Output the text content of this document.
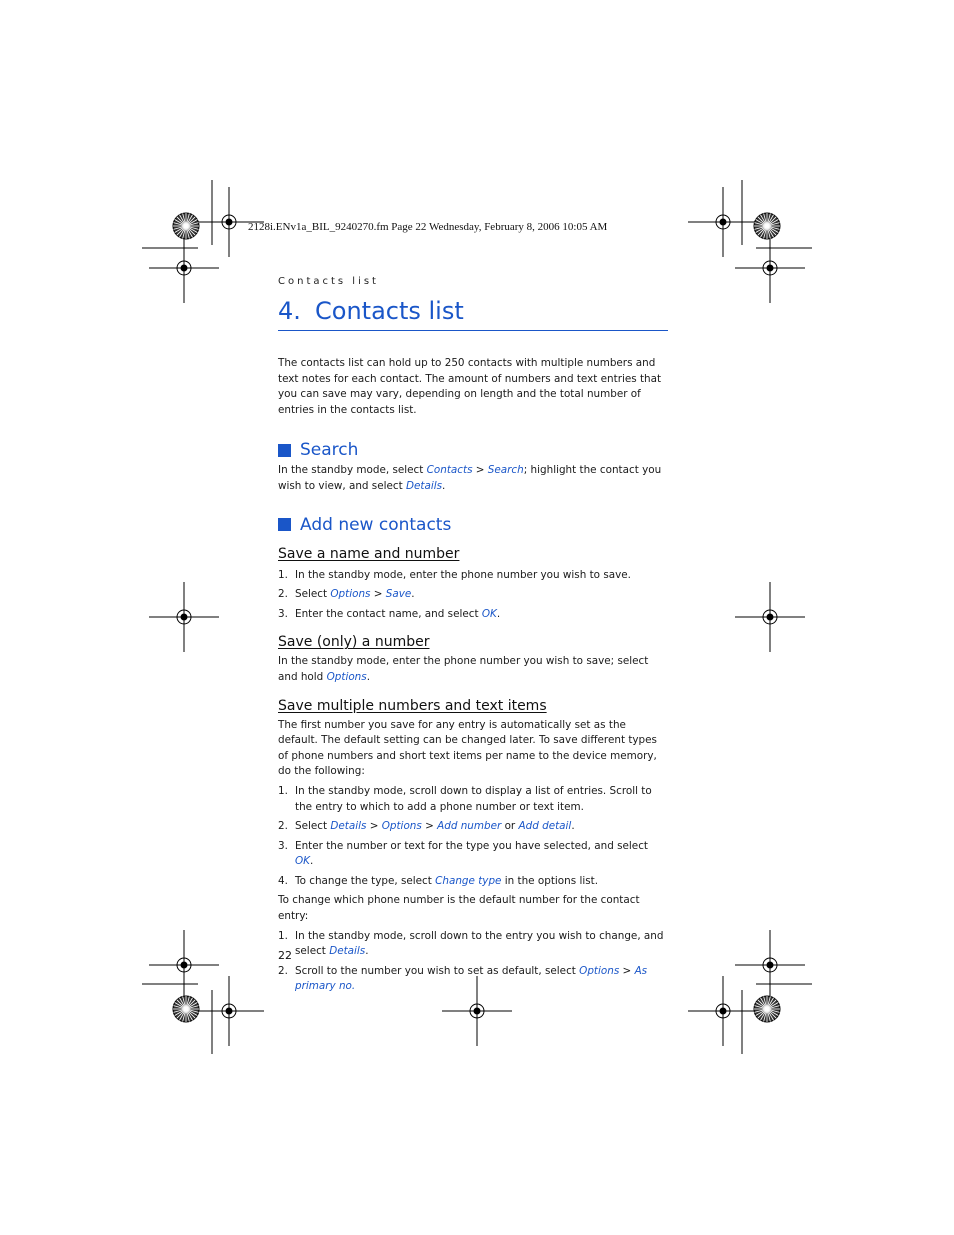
2128i.ENv1a_BIL_9240270.fm Page 22 Wednesday, February 8, 2006 10:05 AM
Contacts list
4. Contacts list

The contacts list can hold up to 250 contacts with multiple numbers and text notes for each contact. The amount of numbers and text entries that you can save may vary, depending on length and the total number of entries in the contacts list.

Search

In the standby mode, select Contacts > Search; highlight the contact you wish to view, and select Details.

Add new contacts
Save a name and number
1. In the standby mode, enter the phone number you wish to save.
2. Select Options > Save.
3. Enter the contact name, and select OK.
Save (only) a number

In the standby mode, enter the phone number you wish to save; select and hold Options.

Save multiple numbers and text items

The first number you save for any entry is automatically set as the default. The default setting can be changed later. To save different types of phone numbers and short text items per name to the device memory, do the following:

1. In the standby mode, scroll down to display a list of entries. Scroll to the entry to which to add a phone number or text item.
2. Select Details > Options > Add number or Add detail.
3. Enter the number or text for the type you have selected, and select OK.
4. To change the type, select Change type in the options list.

To change which phone number is the default number for the contact entry:

1. In the standby mode, scroll down to the entry you wish to change, and select Details.
2. Scroll to the number you wish to set as default, select Options > As primary no.
22
